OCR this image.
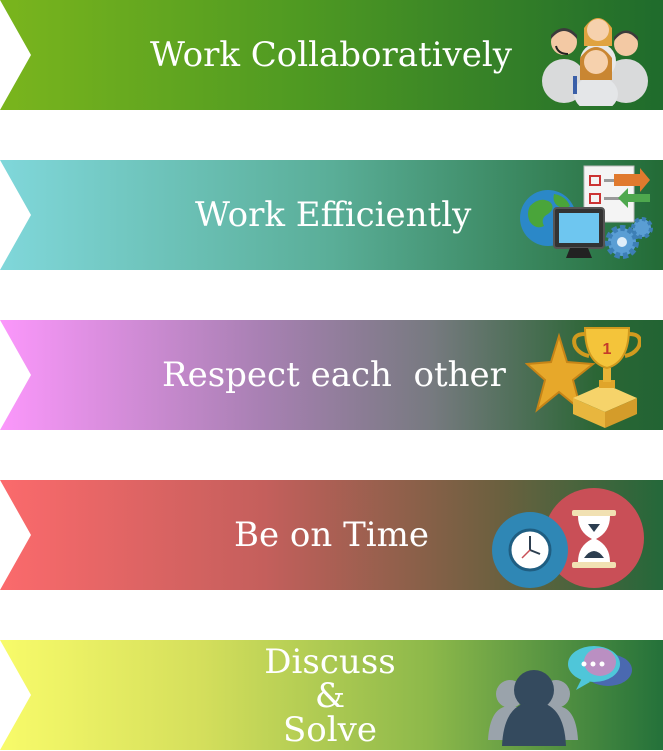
Work Collaboratively
Work Efficiently
Respect each  other
1
Be on Time
Discuss
&
Solve
